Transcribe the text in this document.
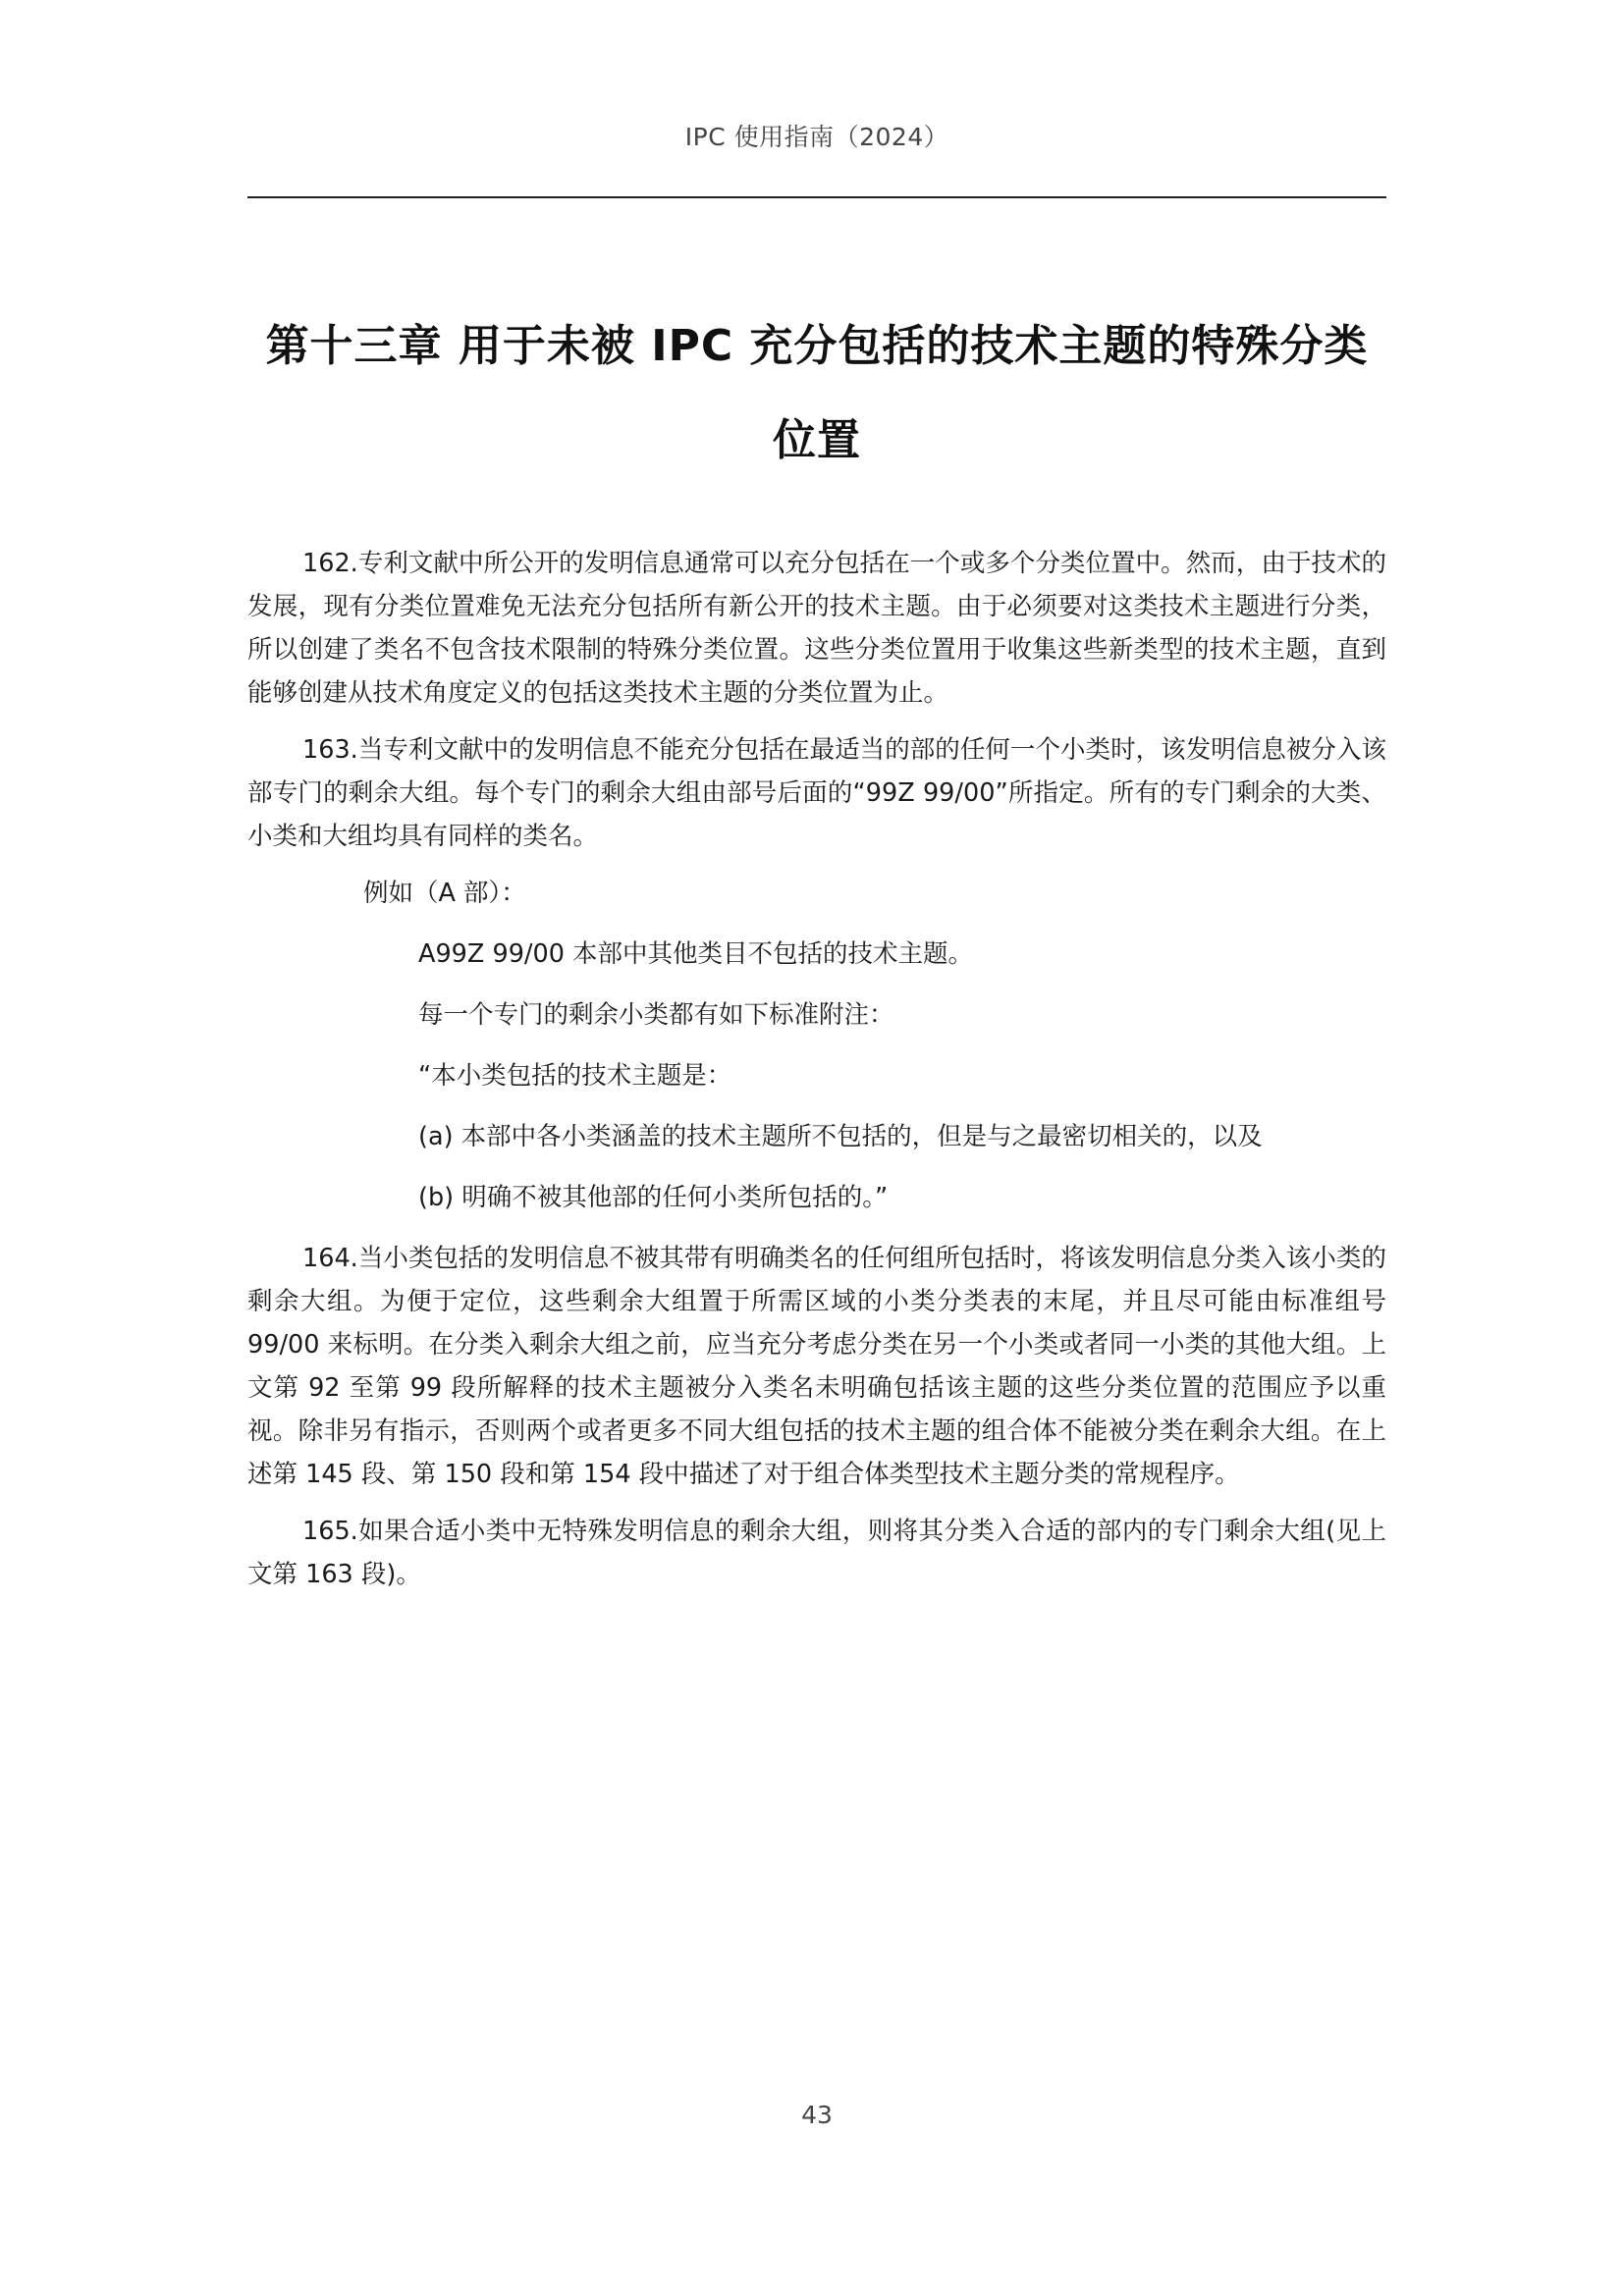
IPC 使用指南（2024）
第十三章 用于未被 IPC 充分包括的技术主题的特殊分类位置

162.专利文献中所公开的发明信息通常可以充分包括在一个或多个分类位置中。然而，由于技术的发展，现有分类位置难免无法充分包括所有新公开的技术主题。由于必须要对这类技术主题进行分类，所以创建了类名不包含技术限制的特殊分类位置。这些分类位置用于收集这些新类型的技术主题，直到能够创建从技术角度定义的包括这类技术主题的分类位置为止。

163.当专利文献中的发明信息不能充分包括在最适当的部的任何一个小类时，该发明信息被分入该部专门的剩余大组。每个专门的剩余大组由部号后面的“99Z 99/00”所指定。所有的专门剩余的大类、小类和大组均具有同样的类名。

例如（A 部）：
A99Z 99/00 本部中其他类目不包括的技术主题。
每一个专门的剩余小类都有如下标准附注：
“本小类包括的技术主题是：
(a) 本部中各小类涵盖的技术主题所不包括的，但是与之最密切相关的，以及
(b) 明确不被其他部的任何小类所包括的。”

164.当小类包括的发明信息不被其带有明确类名的任何组所包括时，将该发明信息分类入该小类的剩余大组。为便于定位，这些剩余大组置于所需区域的小类分类表的末尾，并且尽可能由标准组号 99/00 来标明。在分类入剩余大组之前，应当充分考虑分类在另一个小类或者同一小类的其他大组。上文第 92 至第 99 段所解释的技术主题被分入类名未明确包括该主题的这些分类位置的范围应予以重视。除非另有指示，否则两个或者更多不同大组包括的技术主题的组合体不能被分类在剩余大组。在上述第 145 段、第 150 段和第 154 段中描述了对于组合体类型技术主题分类的常规程序。

165.如果合适小类中无特殊发明信息的剩余大组，则将其分类入合适的部内的专门剩余大组(见上文第 163 段)。

43
